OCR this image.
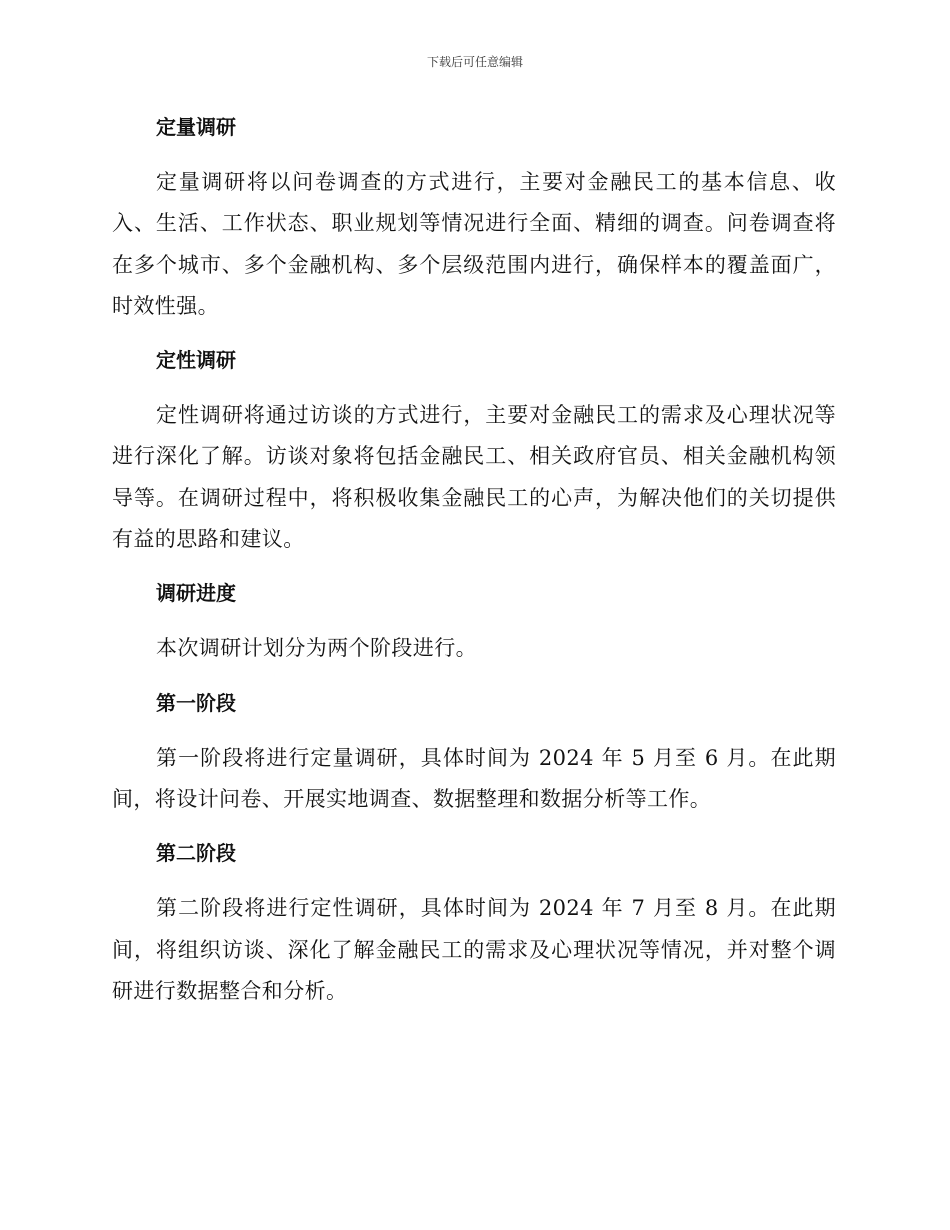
下载后可任意编辑
定量调研

定量调研将以问卷调查的方式进行，主要对金融民工的基本信息、收入、生活、工作状态、职业规划等情况进行全面、精细的调查。问卷调查将在多个城市、多个金融机构、多个层级范围内进行，确保样本的覆盖面广，时效性强。

定性调研

定性调研将通过访谈的方式进行，主要对金融民工的需求及心理状况等进行深化了解。访谈对象将包括金融民工、相关政府官员、相关金融机构领导等。在调研过程中，将积极收集金融民工的心声，为解决他们的关切提供有益的思路和建议。

调研进度

本次调研计划分为两个阶段进行。

第一阶段

第一阶段将进行定量调研，具体时间为 2024 年 5 月至 6 月。在此期间，将设计问卷、开展实地调查、数据整理和数据分析等工作。

第二阶段

第二阶段将进行定性调研，具体时间为 2024 年 7 月至 8 月。在此期间，将组织访谈、深化了解金融民工的需求及心理状况等情况，并对整个调研进行数据整合和分析。
